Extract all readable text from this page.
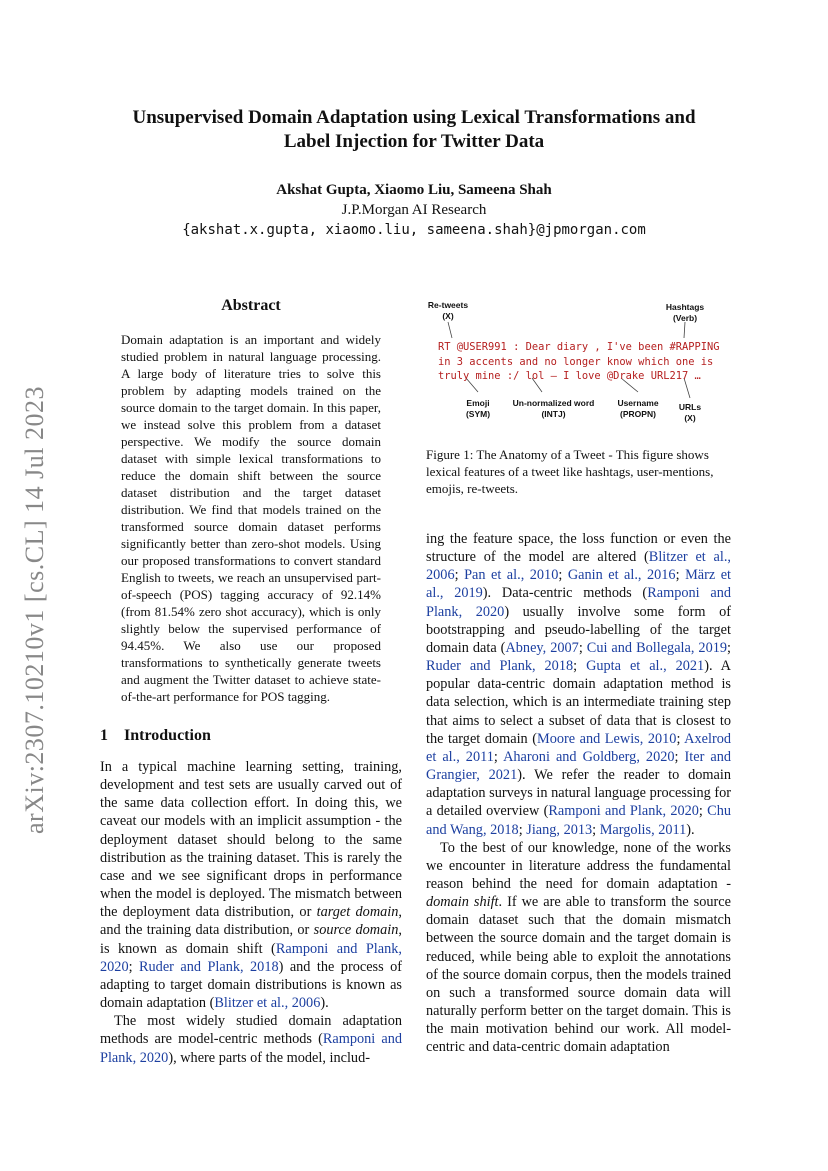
arXiv:2307.10210v1 [cs.CL] 14 Jul 2023
Unsupervised Domain Adaptation using Lexical Transformations and
Label Injection for Twitter Data
Akshat Gupta, Xiaomo Liu, Sameena Shah
J.P.Morgan AI Research
{akshat.x.gupta, xiaomo.liu, sameena.shah}@jpmorgan.com
Abstract
Domain adaptation is an important and widely studied problem in natural language processing. A large body of literature tries to solve this problem by adapting models trained on the source domain to the target domain. In this paper, we instead solve this problem from a dataset perspective. We modify the source domain dataset with simple lexical transformations to reduce the domain shift between the source dataset distribution and the target dataset distribution. We find that models trained on the transformed source domain dataset performs significantly better than zero-shot models. Using our proposed transformations to convert standard English to tweets, we reach an unsupervised part-of-speech (POS) tagging accuracy of 92.14% (from 81.54% zero shot accuracy), which is only slightly below the supervised performance of 94.45%. We also use our proposed transformations to synthetically generate tweets and augment the Twitter dataset to achieve state-of-the-art performance for POS tagging.
1 Introduction

In a typical machine learning setting, training, development and test sets are usually carved out of the same data collection effort. In doing this, we caveat our models with an implicit assumption - the deployment dataset should belong to the same distribution as the training dataset. This is rarely the case and we see significant drops in performance when the model is deployed. The mismatch between the deployment data distribution, or target domain, and the training data distribution, or source domain, is known as domain shift (Ramponi and Plank, 2020; Ruder and Plank, 2018) and the process of adapting to target domain distributions is known as domain adaptation (Blitzer et al., 2006).

The most widely studied domain adaptation methods are model-centric methods (Ramponi and Plank, 2020), where parts of the model, includ-

Re-tweets
(X)
Hashtags
(Verb)
RT @USER991 : Dear diary , I've been #RAPPING
in 3 accents and no longer know which one is
truly mine :/ lol — I love @Drake URL217 …
Emoji
(SYM)
Un-normalized word
(INTJ)
Username
(PROPN)
URLs
(X)
Figure 1: The Anatomy of a Tweet - This figure shows lexical features of a tweet like hashtags, user-mentions, emojis, re-tweets.

ing the feature space, the loss function or even the structure of the model are altered (Blitzer et al., 2006; Pan et al., 2010; Ganin et al., 2016; März et al., 2019). Data-centric methods (Ramponi and Plank, 2020) usually involve some form of bootstrapping and pseudo-labelling of the target domain data (Abney, 2007; Cui and Bollegala, 2019; Ruder and Plank, 2018; Gupta et al., 2021). A popular data-centric domain adaptation method is data selection, which is an intermediate training step that aims to select a subset of data that is closest to the target domain (Moore and Lewis, 2010; Axelrod et al., 2011; Aharoni and Goldberg, 2020; Iter and Grangier, 2021). We refer the reader to domain adaptation surveys in natural language processing for a detailed overview (Ramponi and Plank, 2020; Chu and Wang, 2018; Jiang, 2013; Margolis, 2011).

To the best of our knowledge, none of the works we encounter in literature address the fundamental reason behind the need for domain adaptation - domain shift. If we are able to transform the source domain dataset such that the domain mismatch between the source domain and the target domain is reduced, while being able to exploit the annotations of the source domain corpus, then the models trained on such a transformed source domain data will naturally perform better on the target domain. This is the main motivation behind our work. All model-centric and data-centric domain adaptation
